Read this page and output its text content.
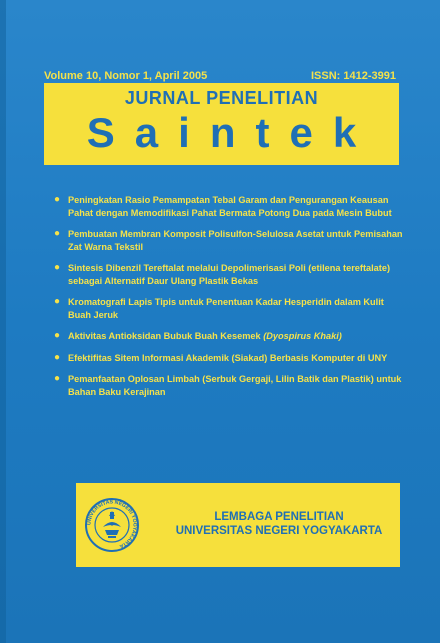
Volume 10, Nomor 1, April 2005	ISSN: 1412-3991
JURNAL PENELITIAN
Saintek
● Peningkatan Rasio Pemampatan Tebal Garam dan Pengurangan Keausan Pahat dengan Memodifikasi Pahat Bermata Potong Dua pada Mesin Bubut
● Pembuatan Membran Komposit Polisulfon-Selulosa Asetat untuk Pemisahan Zat Warna Tekstil
● Sintesis Dibenzil Tereftalat melalui Depolimerisasi Poli (etilena tereftalate) sebagai Alternatif Daur Ulang Plastik Bekas
● Kromatografi Lapis Tipis untuk Penentuan Kadar Hesperidin dalam Kulit Buah Jeruk
● Aktivitas Antioksidan Bubuk Buah Kesemek (Dyospirus Khaki)
● Efektifitas Sitem Informasi Akademik (Siakad) Berbasis Komputer di UNY
● Pemanfaatan Oplosan Limbah (Serbuk Gergaji, Lilin Batik dan Plastik) untuk Bahan Baku Kerajinan
UNIVERSITAS NEGERI YOGYAKARTA
LEMBAGA PENELITIAN
UNIVERSITAS NEGERI YOGYAKARTA
